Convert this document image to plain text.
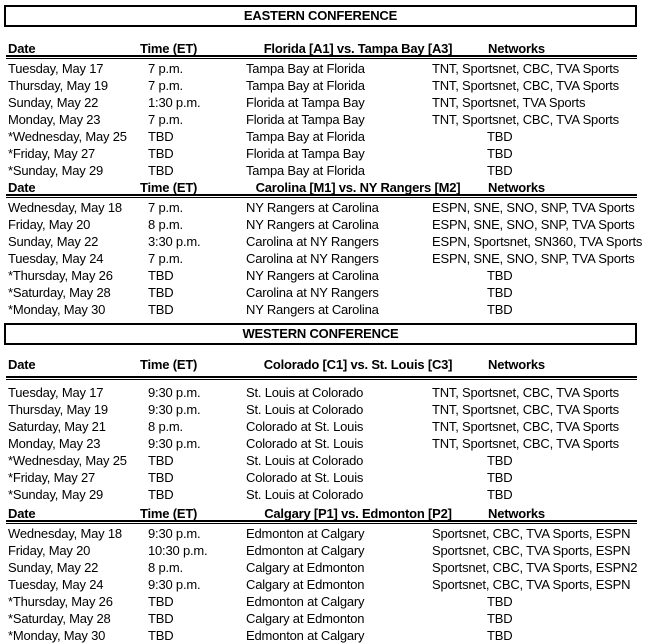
EASTERN CONFERENCE
Date	Time (ET)	Florida [A1] vs. Tampa Bay [A3]	Networks
Tuesday, May 17	7 p.m.	Tampa Bay at Florida	TNT, Sportsnet, CBC, TVA Sports
Thursday, May 19	7 p.m.	Tampa Bay at Florida	TNT, Sportsnet, CBC, TVA Sports
Sunday, May 22	1:30 p.m.	Florida at Tampa Bay	TNT, Sportsnet, TVA Sports
Monday, May 23	7 p.m.	Florida at Tampa Bay	TNT, Sportsnet, CBC, TVA Sports
*Wednesday, May 25	TBD	Tampa Bay at Florida	TBD
*Friday, May 27	TBD	Florida at Tampa Bay	TBD
*Sunday, May 29	TBD	Tampa Bay at Florida	TBD
Date	Time (ET)	Carolina [M1] vs. NY Rangers [M2]	Networks
Wednesday, May 18	7 p.m.	NY Rangers at Carolina	ESPN, SNE, SNO, SNP, TVA Sports
Friday, May 20	8 p.m.	NY Rangers at Carolina	ESPN, SNE, SNO, SNP, TVA Sports
Sunday, May 22	3:30 p.m.	Carolina at NY Rangers	ESPN, Sportsnet, SN360, TVA Sports
Tuesday, May 24	7 p.m.	Carolina at NY Rangers	ESPN, SNE, SNO, SNP, TVA Sports
*Thursday, May 26	TBD	NY Rangers at Carolina	TBD
*Saturday, May 28	TBD	Carolina at NY Rangers	TBD
*Monday, May 30	TBD	NY Rangers at Carolina	TBD
WESTERN CONFERENCE
Date	Time (ET)	Colorado [C1] vs. St. Louis [C3]	Networks
Tuesday, May 17	9:30 p.m.	St. Louis at Colorado	TNT, Sportsnet, CBC, TVA Sports
Thursday, May 19	9:30 p.m.	St. Louis at Colorado	TNT, Sportsnet, CBC, TVA Sports
Saturday, May 21	8 p.m.	Colorado at St. Louis	TNT, Sportsnet, CBC, TVA Sports
Monday, May 23	9:30 p.m.	Colorado at St. Louis	TNT, Sportsnet, CBC, TVA Sports
*Wednesday, May 25	TBD	St. Louis at Colorado	TBD
*Friday, May 27	TBD	Colorado at St. Louis	TBD
*Sunday, May 29	TBD	St. Louis at Colorado	TBD
Date	Time (ET)	Calgary [P1] vs. Edmonton [P2]	Networks
Wednesday, May 18	9:30 p.m.	Edmonton at Calgary	Sportsnet, CBC, TVA Sports, ESPN
Friday, May 20	10:30 p.m.	Edmonton at Calgary	Sportsnet, CBC, TVA Sports, ESPN
Sunday, May 22	8 p.m.	Calgary at Edmonton	Sportsnet, CBC, TVA Sports, ESPN2
Tuesday, May 24	9:30 p.m.	Calgary at Edmonton	Sportsnet, CBC, TVA Sports, ESPN
*Thursday, May 26	TBD	Edmonton at Calgary	TBD
*Saturday, May 28	TBD	Calgary at Edmonton	TBD
*Monday, May 30	TBD	Edmonton at Calgary	TBD
